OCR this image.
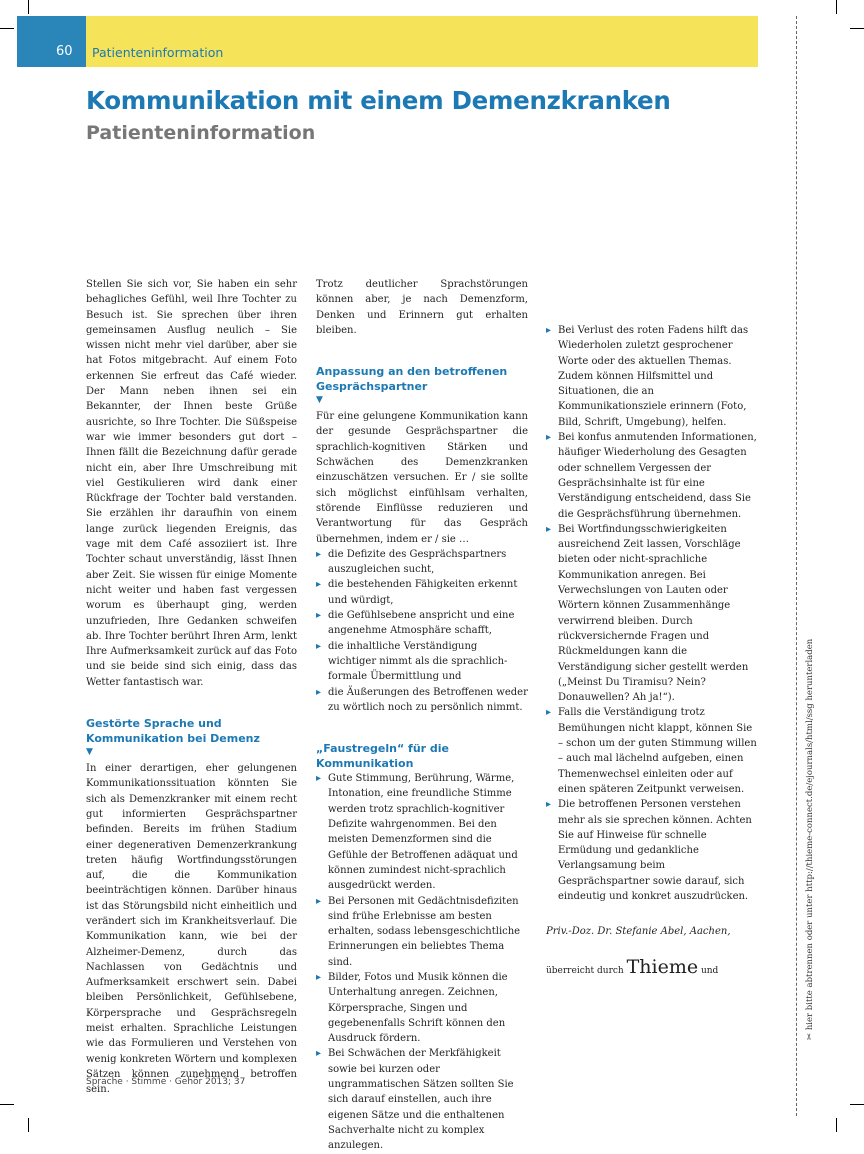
60 Patienteninformation
Kommunikation mit einem Demenzkranken
Patienteninformation

Stellen Sie sich vor, Sie haben ein sehr behagliches Gefühl, weil Ihre Tochter zu Besuch ist. Sie sprechen über ihren gemeinsamen Ausflug neulich – Sie wissen nicht mehr viel darüber, aber sie hat Fotos mitgebracht. Auf einem Foto erkennen Sie erfreut das Café wieder. Der Mann neben ihnen sei ein Bekannter, der Ihnen beste Grüße ausrichte, so Ihre Tochter. Die Süßspeise war wie immer besonders gut dort – Ihnen fällt die Bezeichnung dafür gerade nicht ein, aber Ihre Umschreibung mit viel Gestikulieren wird dank einer Rückfrage der Tochter bald verstanden. Sie erzählen ihr daraufhin von einem lange zurück liegenden Ereignis, das vage mit dem Café assoziiert ist. Ihre Tochter schaut unverständig, lässt Ihnen aber Zeit. Sie wissen für einige Momente nicht weiter und haben fast vergessen worum es überhaupt ging, werden unzufrieden, Ihre Gedanken schweifen ab. Ihre Tochter berührt Ihren Arm, lenkt Ihre Aufmerksamkeit zurück auf das Foto und sie beide sind sich einig, dass das Wetter fantastisch war.

Gestörte Sprache und Kommunikation bei Demenz
▼

In einer derartigen, eher gelungenen Kommunikationssituation könnten Sie sich als Demenzkranker mit einem recht gut informierten Gesprächspartner befinden. Bereits im frühen Stadium einer degenerativen Demenzerkrankung treten häufig Wortfindungsstörungen auf, die die Kommunikation beeinträchtigen können. Darüber hinaus ist das Störungsbild nicht einheitlich und verändert sich im Krankheitsverlauf. Die Kommunikation kann, wie bei der Alzheimer-Demenz, durch das Nachlassen von Gedächtnis und Aufmerksamkeit erschwert sein. Dabei bleiben Persönlichkeit, Gefühlsebene, Körpersprache und Gesprächsregeln meist erhalten. Sprachliche Leistungen wie das Formulieren und Verstehen von wenig konkreten Wörtern und komplexen Sätzen können zunehmend betroffen sein.

Trotz deutlicher Sprachstörungen können aber, je nach Demenzform, Denken und Erinnern gut erhalten bleiben.

Anpassung an den betroffenen Gesprächspartner
▼

Für eine gelungene Kommunikation kann der gesunde Gesprächspartner die sprachlich-kognitiven Stärken und Schwächen des Demenzkranken einzuschätzen versuchen. Er / sie sollte sich möglichst einfühlsam verhalten, störende Einflüsse reduzieren und Verantwortung für das Gespräch übernehmen, indem er / sie …

▸ die Defizite des Gesprächspartners auszugleichen sucht,
▸ die bestehenden Fähigkeiten erkennt und würdigt,
▸ die Gefühlsebene anspricht und eine angenehme Atmosphäre schafft,
▸ die inhaltliche Verständigung wichtiger nimmt als die sprachlich-formale Übermittlung und
▸ die Äußerungen des Betroffenen weder zu wörtlich noch zu persönlich nimmt.
„Faustregeln“ für die Kommunikation
▸ Gute Stimmung, Berührung, Wärme, Intonation, eine freundliche Stimme werden trotz sprachlich-kognitiver Defizite wahrgenommen. Bei den meisten Demenzformen sind die Gefühle der Betroffenen adäquat und können zumindest nicht-sprachlich ausgedrückt werden.
▸ Bei Personen mit Gedächtnisdefiziten sind frühe Erlebnisse am besten erhalten, sodass lebensgeschichtliche Erinnerungen ein beliebtes Thema sind.
▸ Bilder, Fotos und Musik können die Unterhaltung anregen. Zeichnen, Körpersprache, Singen und gegebenenfalls Schrift können den Ausdruck fördern.
▸ Bei Schwächen der Merkfähigkeit sowie bei kurzen oder ungrammatischen Sätzen sollten Sie sich darauf einstellen, auch ihre eigenen Sätze und die enthaltenen Sachverhalte nicht zu komplex anzulegen.
▸ Bei Verlust des roten Fadens hilft das Wiederholen zuletzt gesprochener Worte oder des aktuellen Themas. Zudem können Hilfsmittel und Situationen, die an Kommunikationsziele erinnern (Foto, Bild, Schrift, Umgebung), helfen.
▸ Bei konfus anmutenden Informationen, häufiger Wiederholung des Gesagten oder schnellem Vergessen der Gesprächsinhalte ist für eine Verständigung entscheidend, dass Sie die Gesprächsführung übernehmen.
▸ Bei Wortfindungsschwierigkeiten ausreichend Zeit lassen, Vorschläge bieten oder nicht-sprachliche Kommunikation anregen. Bei Verwechslungen von Lauten oder Wörtern können Zusammenhänge verwirrend bleiben. Durch rückversichernde Fragen und Rückmeldungen kann die Verständigung sicher gestellt werden („Meinst Du Tiramisu? Nein? Donauwellen? Ah ja!“).
▸ Falls die Verständigung trotz Bemühungen nicht klappt, können Sie – schon um der guten Stimmung willen – auch mal lächelnd aufgeben, einen Themenwechsel einleiten oder auf einen späteren Zeitpunkt verweisen.
▸ Die betroffenen Personen verstehen mehr als sie sprechen können. Achten Sie auf Hinweise für schnelle Ermüdung und gedankliche Verlangsamung beim Gesprächspartner sowie darauf, sich eindeutig und konkret auszudrücken.

Priv.-Doz. Dr. Stefanie Abel, Aachen,

überreicht durch Thieme und

Sprache · Stimme · Gehör 2013; 37
✂ hier bitte abtrennen oder unter http://thieme-connect.de/ejournals/html/ssg herunterladen
